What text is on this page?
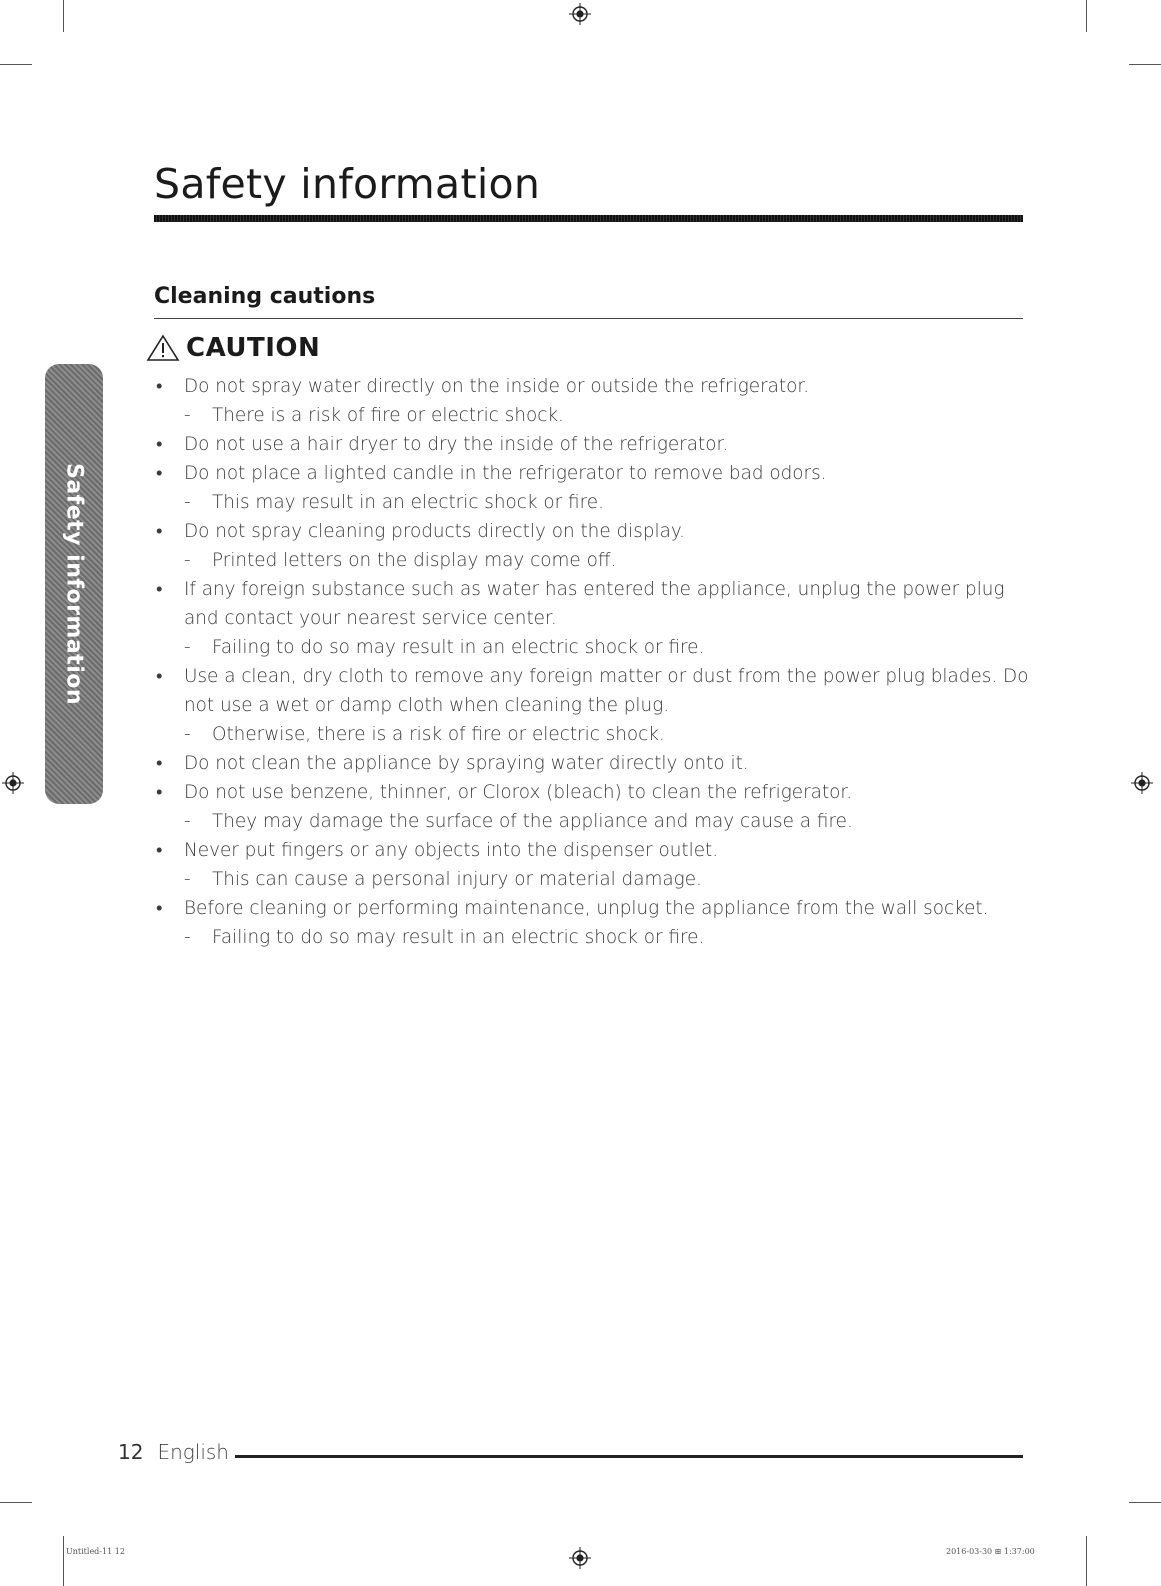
Safety information
Cleaning cautions
CAUTION
• Do not spray water directly on the inside or outside the refrigerator.
- There is a risk of fire or electric shock.
• Do not use a hair dryer to dry the inside of the refrigerator.
• Do not place a lighted candle in the refrigerator to remove bad odors.
- This may result in an electric shock or fire.
• Do not spray cleaning products directly on the display.
- Printed letters on the display may come off.
• If any foreign substance such as water has entered the appliance, unplug the power plug and contact your nearest service center.
- Failing to do so may result in an electric shock or fire.
• Use a clean, dry cloth to remove any foreign matter or dust from the power plug blades. Do not use a wet or damp cloth when cleaning the plug.
- Otherwise, there is a risk of fire or electric shock.
• Do not clean the appliance by spraying water directly onto it.
• Do not use benzene, thinner, or Clorox (bleach) to clean the refrigerator.
- They may damage the surface of the appliance and may cause a fire.
• Never put fingers or any objects into the dispenser outlet.
- This can cause a personal injury or material damage.
• Before cleaning or performing maintenance, unplug the appliance from the wall socket.
- Failing to do so may result in an electric shock or fire.
Safety information
12 English
Untitled-11 12	2016-03-30 ⊞ 1:37:00
